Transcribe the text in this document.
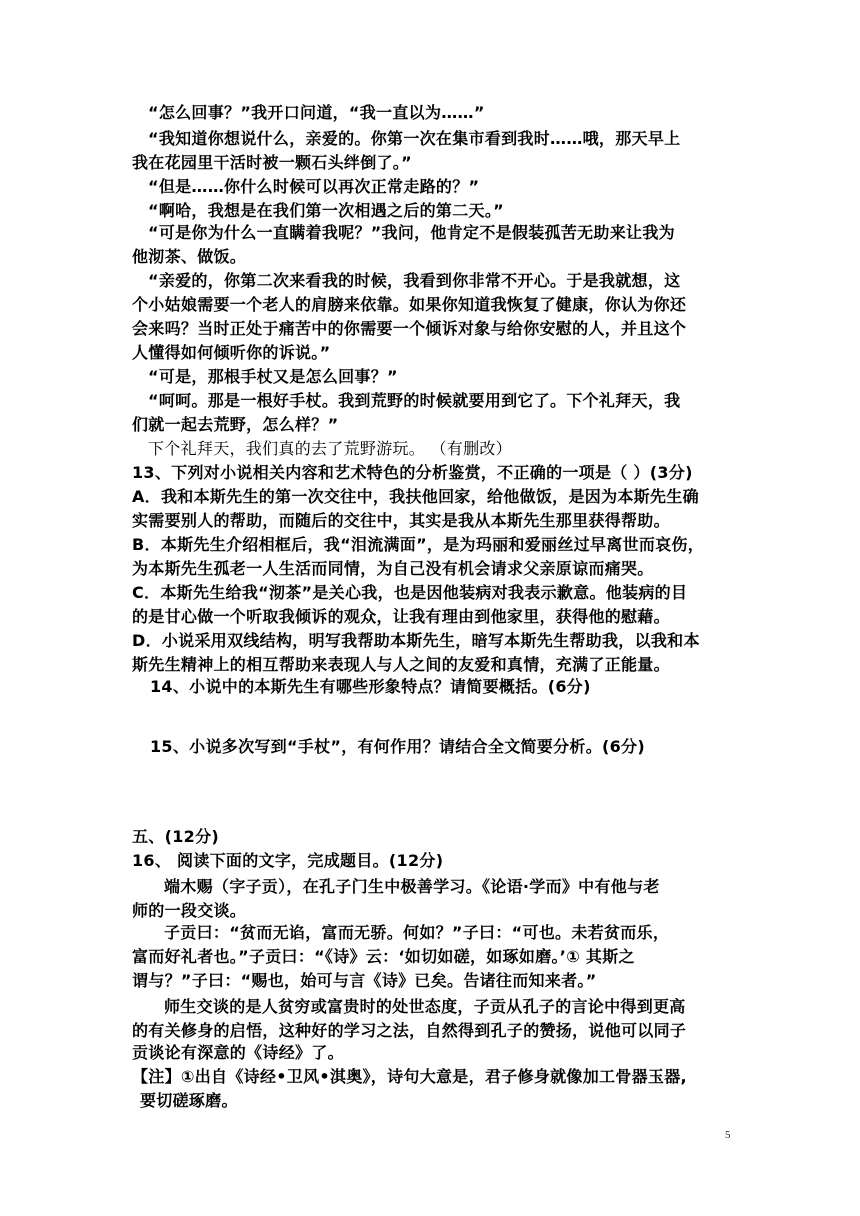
“怎么回事？”我开口问道，“我一直以为……”
“我知道你想说什么，亲爱的。你第一次在集市看到我时……哦，那天早上
我在花园里干活时被一颗石头绊倒了。”
“但是……你什么时候可以再次正常走路的？”
“啊哈，我想是在我们第一次相遇之后的第二天。”
“可是你为什么一直瞒着我呢？”我问，他肯定不是假装孤苦无助来让我为
他沏茶、做饭。
“亲爱的，你第二次来看我的时候，我看到你非常不开心。于是我就想，这
个小姑娘需要一个老人的肩膀来依靠。如果你知道我恢复了健康，你认为你还
会来吗？当时正处于痛苦中的你需要一个倾诉对象与给你安慰的人，并且这个
人懂得如何倾听你的诉说。”
“可是，那根手杖又是怎么回事？”
“呵呵。那是一根好手杖。我到荒野的时候就要用到它了。下个礼拜天，我
们就一起去荒野，怎么样？”
下个礼拜天，我们真的去了荒野游玩。 （有删改）
13、下列对小说相关内容和艺术特色的分析鉴赏，不正确的一项是（ ）(3分)
A．我和本斯先生的第一次交往中，我扶他回家，给他做饭，是因为本斯先生确
实需要别人的帮助，而随后的交往中，其实是我从本斯先生那里获得帮助。
B．本斯先生介绍相框后，我“泪流满面”，是为玛丽和爱丽丝过早离世而哀伤，
为本斯先生孤老一人生活而同情，为自己没有机会请求父亲原谅而痛哭。
C．本斯先生给我“沏茶”是关心我，也是因他装病对我表示歉意。他装病的目
的是甘心做一个听取我倾诉的观众，让我有理由到他家里，获得他的慰藉。
D．小说采用双线结构，明写我帮助本斯先生，暗写本斯先生帮助我，以我和本
斯先生精神上的相互帮助来表现人与人之间的友爱和真情，充满了正能量。
14、小说中的本斯先生有哪些形象特点？请简要概括。(6分)
15、小说多次写到“手杖”，有何作用？请结合全文简要分析。(6分)
五、(12分)
16、 阅读下面的文字，完成题目。(12分)
端木赐（字子贡），在孔子门生中极善学习。《论语·学而》中有他与老
师的一段交谈。
子贡曰：“贫而无谄，富而无骄。何如？”子曰：“可也。未若贫而乐，
富而好礼者也。”子贡曰：“《诗》云：‘如切如磋，如琢如磨。’① 其斯之
谓与？”子曰：“赐也，始可与言《诗》已矣。告诸往而知来者。”
师生交谈的是人贫穷或富贵时的处世态度，子贡从孔子的言论中得到更高
的有关修身的启悟，这种好的学习之法，自然得到孔子的赞扬，说他可以同子
贡谈论有深意的《诗经》了。
【注】①出自《诗经•卫风•淇奥》，诗句大意是，君子修身就像加工骨器玉器,
要切磋琢磨。
5
